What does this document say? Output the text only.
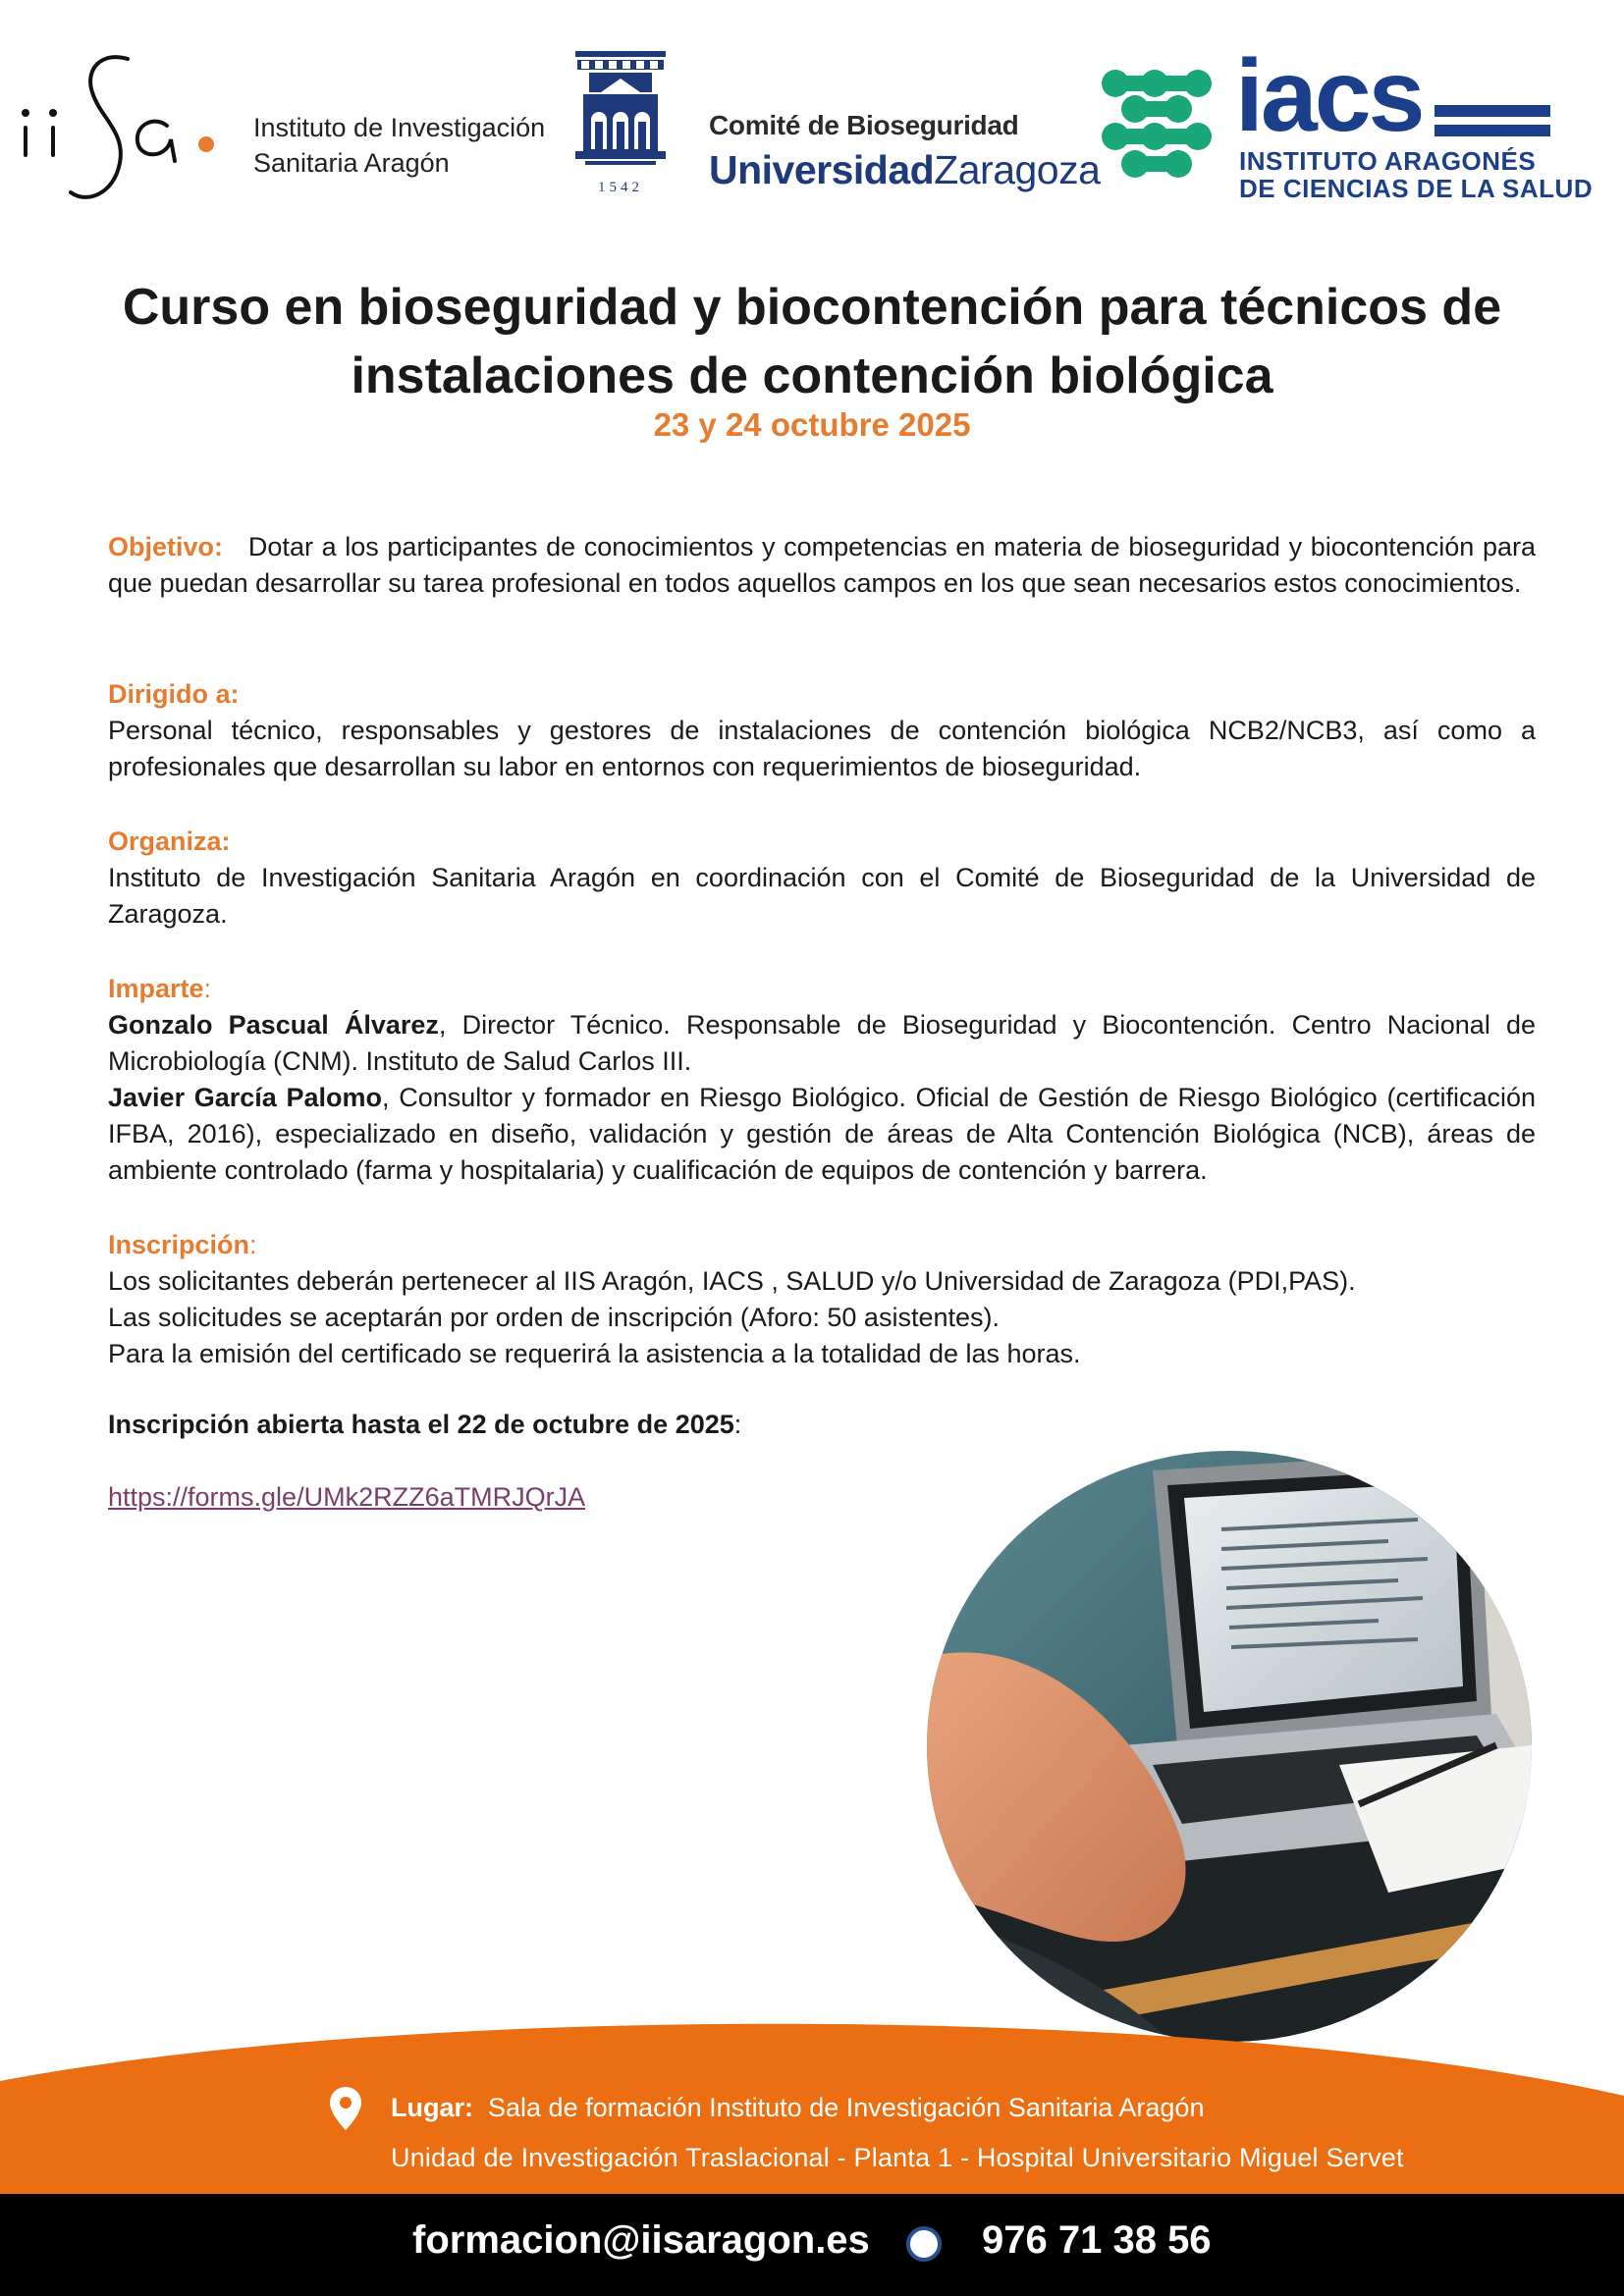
Instituto de Investigación
Sanitaria Aragón
1542
Comité de Bioseguridad
UniversidadZaragoza
iacs
INSTITUTO ARAGONÉS
DE CIENCIAS DE LA SALUD
Curso en bioseguridad y biocontención para técnicos de
instalaciones de contención biológica
23 y 24 octubre 2025

Objetivo: Dotar a los participantes de conocimientos y competencias en materia de bioseguridad y biocontención para que puedan desarrollar su tarea profesional en todos aquellos campos en los que sean necesarios estos conocimientos.

Dirigido a:

Personal técnico, responsables y gestores de instalaciones de contención biológica NCB2/NCB3, así como a profesionales que desarrollan su labor en entornos con requerimientos de bioseguridad.

Organiza:

Instituto de Investigación Sanitaria Aragón en coordinación con el Comité de Bioseguridad de la Universidad de Zaragoza.

Imparte:

Gonzalo Pascual Álvarez, Director Técnico. Responsable de Bioseguridad y Biocontención. Centro Nacional de Microbiología (CNM). Instituto de Salud Carlos III.

Javier García Palomo, Consultor y formador en Riesgo Biológico. Oficial de Gestión de Riesgo Biológico (certificación IFBA, 2016), especializado en diseño, validación y gestión de áreas de Alta Contención Biológica (NCB), áreas de ambiente controlado (farma y hospitalaria) y cualificación de equipos de contención y barrera.

Inscripción:

Los solicitantes deberán pertenecer al IIS Aragón, IACS , SALUD y/o Universidad de Zaragoza (PDI,PAS).

Las solicitudes se aceptarán por orden de inscripción (Aforo: 50 asistentes).

Para la emisión del certificado se requerirá la asistencia a la totalidad de las horas.

Inscripción abierta hasta el 22 de octubre de 2025:

https://forms.gle/UMk2RZZ6aTMRJQrJA
Lugar: Sala de formación Instituto de Investigación Sanitaria Aragón
Unidad de Investigación Traslacional - Planta 1 - Hospital Universitario Miguel Servet
formacion@iisaragon.es	976 71 38 56
